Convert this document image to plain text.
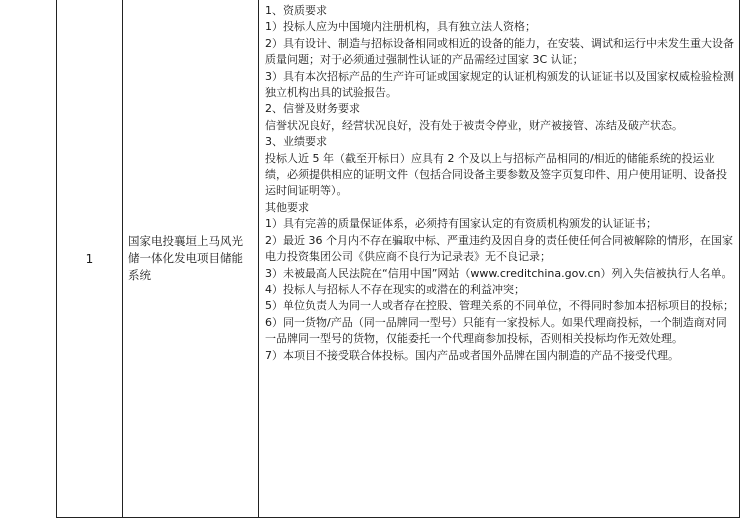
1
国家电投襄垣上马风光储一体化发电项目储能系统

1、资质要求

1）投标人应为中国境内注册机构，具有独立法人资格；

2）具有设计、制造与招标设备相同或相近的设备的能力，在安装、调试和运行中未发生重大设备质量问题；对于必须通过强制性认证的产品需经过国家 3C 认证；

3）具有本次招标产品的生产许可证或国家规定的认证机构颁发的认证证书以及国家权威检验检测独立机构出具的试验报告。

2、信誉及财务要求

信誉状况良好，经营状况良好，没有处于被责令停业，财产被接管、冻结及破产状态。

3、业绩要求

投标人近 5 年（截至开标日）应具有 2 个及以上与招标产品相同的/相近的储能系统的投运业绩，必须提供相应的证明文件（包括合同设备主要参数及签字页复印件、用户使用证明、设备投运时间证明等）。

其他要求

1）具有完善的质量保证体系，必须持有国家认定的有资质机构颁发的认证证书；

2）最近 36 个月内不存在骗取中标、严重违约及因自身的责任使任何合同被解除的情形，在国家电力投资集团公司《供应商不良行为记录表》无不良记录；

3）未被最高人民法院在“信用中国”网站（www.creditchina.gov.cn）列入失信被执行人名单。

4）投标人与招标人不存在现实的或潜在的利益冲突；

5）单位负责人为同一人或者存在控股、管理关系的不同单位，不得同时参加本招标项目的投标；

6）同一货物/产品（同一品牌同一型号）只能有一家投标人。如果代理商投标，一个制造商对同一品牌同一型号的货物，仅能委托一个代理商参加投标，否则相关投标均作无效处理。

7）本项目不接受联合体投标。国内产品或者国外品牌在国内制造的产品不接受代理。
